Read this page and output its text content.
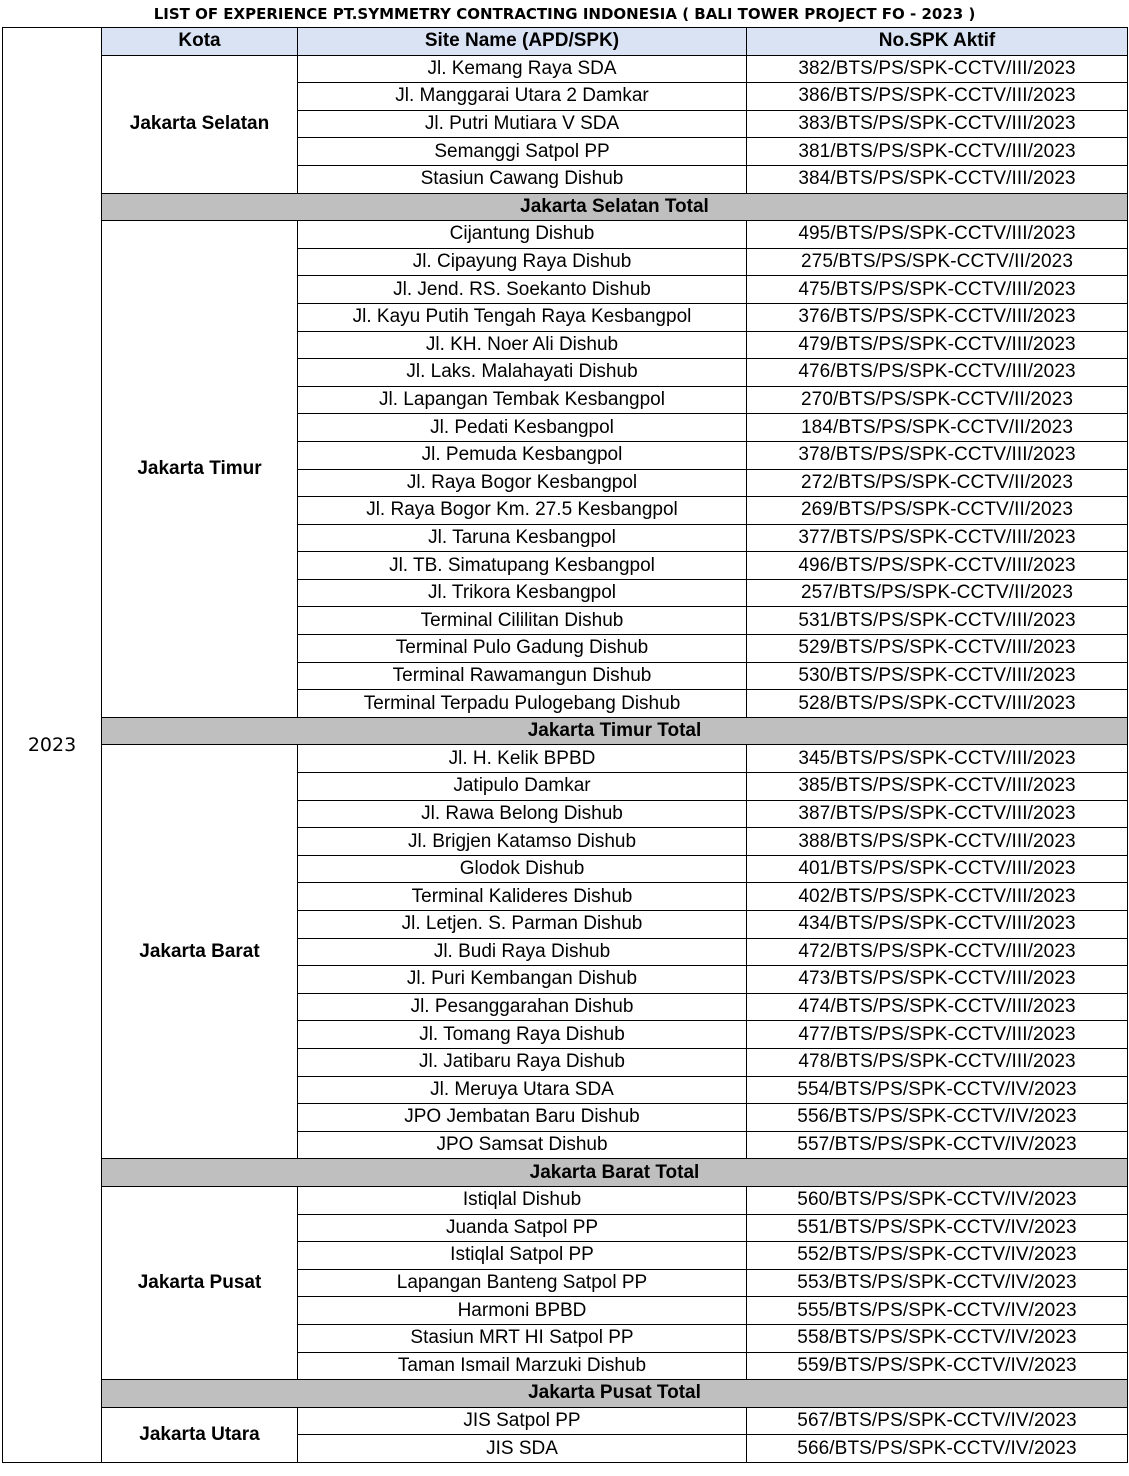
LIST OF EXPERIENCE PT.SYMMETRY CONTRACTING INDONESIA ( BALI TOWER PROJECT FO - 2023 )
2023	Kota	Site Name (APD/SPK)	No.SPK Aktif
	Jakarta Selatan	Jl. Kemang Raya SDA	382/BTS/PS/SPK-CCTV/III/2023
		Jl. Manggarai Utara 2 Damkar	386/BTS/PS/SPK-CCTV/III/2023
		Jl. Putri Mutiara V SDA	383/BTS/PS/SPK-CCTV/III/2023
		Semanggi Satpol PP	381/BTS/PS/SPK-CCTV/III/2023
		Stasiun Cawang Dishub	384/BTS/PS/SPK-CCTV/III/2023
	Jakarta Selatan Total		
	Jakarta Timur	Cijantung Dishub	495/BTS/PS/SPK-CCTV/III/2023
		Jl. Cipayung Raya Dishub	275/BTS/PS/SPK-CCTV/II/2023
		Jl. Jend. RS. Soekanto Dishub	475/BTS/PS/SPK-CCTV/III/2023
		Jl. Kayu Putih Tengah Raya Kesbangpol	376/BTS/PS/SPK-CCTV/III/2023
		Jl. KH. Noer Ali Dishub	479/BTS/PS/SPK-CCTV/III/2023
		Jl. Laks. Malahayati Dishub	476/BTS/PS/SPK-CCTV/III/2023
		Jl. Lapangan Tembak Kesbangpol	270/BTS/PS/SPK-CCTV/II/2023
		Jl. Pedati Kesbangpol	184/BTS/PS/SPK-CCTV/II/2023
		Jl. Pemuda Kesbangpol	378/BTS/PS/SPK-CCTV/III/2023
		Jl. Raya Bogor Kesbangpol	272/BTS/PS/SPK-CCTV/II/2023
		Jl. Raya Bogor Km. 27.5 Kesbangpol	269/BTS/PS/SPK-CCTV/II/2023
		Jl. Taruna Kesbangpol	377/BTS/PS/SPK-CCTV/III/2023
		Jl. TB. Simatupang Kesbangpol	496/BTS/PS/SPK-CCTV/III/2023
		Jl. Trikora Kesbangpol	257/BTS/PS/SPK-CCTV/II/2023
		Terminal Cililitan Dishub	531/BTS/PS/SPK-CCTV/III/2023
		Terminal Pulo Gadung Dishub	529/BTS/PS/SPK-CCTV/III/2023
		Terminal Rawamangun Dishub	530/BTS/PS/SPK-CCTV/III/2023
		Terminal Terpadu Pulogebang Dishub	528/BTS/PS/SPK-CCTV/III/2023
	Jakarta Timur Total		
	Jakarta Barat	Jl. H. Kelik BPBD	345/BTS/PS/SPK-CCTV/III/2023
		Jatipulo Damkar	385/BTS/PS/SPK-CCTV/III/2023
		Jl. Rawa Belong Dishub	387/BTS/PS/SPK-CCTV/III/2023
		Jl. Brigjen Katamso Dishub	388/BTS/PS/SPK-CCTV/III/2023
		Glodok Dishub	401/BTS/PS/SPK-CCTV/III/2023
		Terminal Kalideres Dishub	402/BTS/PS/SPK-CCTV/III/2023
		Jl. Letjen. S. Parman Dishub	434/BTS/PS/SPK-CCTV/III/2023
		Jl. Budi Raya Dishub	472/BTS/PS/SPK-CCTV/III/2023
		Jl. Puri Kembangan Dishub	473/BTS/PS/SPK-CCTV/III/2023
		Jl. Pesanggarahan Dishub	474/BTS/PS/SPK-CCTV/III/2023
		Jl. Tomang Raya Dishub	477/BTS/PS/SPK-CCTV/III/2023
		Jl. Jatibaru Raya Dishub	478/BTS/PS/SPK-CCTV/III/2023
		Jl. Meruya Utara SDA	554/BTS/PS/SPK-CCTV/IV/2023
		JPO Jembatan Baru Dishub	556/BTS/PS/SPK-CCTV/IV/2023
		JPO Samsat Dishub	557/BTS/PS/SPK-CCTV/IV/2023
	Jakarta Barat Total		
	Jakarta Pusat	Istiqlal Dishub	560/BTS/PS/SPK-CCTV/IV/2023
		Juanda Satpol PP	551/BTS/PS/SPK-CCTV/IV/2023
		Istiqlal Satpol PP	552/BTS/PS/SPK-CCTV/IV/2023
		Lapangan Banteng Satpol PP	553/BTS/PS/SPK-CCTV/IV/2023
		Harmoni BPBD	555/BTS/PS/SPK-CCTV/IV/2023
		Stasiun MRT HI Satpol PP	558/BTS/PS/SPK-CCTV/IV/2023
		Taman Ismail Marzuki Dishub	559/BTS/PS/SPK-CCTV/IV/2023
	Jakarta Pusat Total		
	Jakarta Utara	JIS Satpol PP	567/BTS/PS/SPK-CCTV/IV/2023
		JIS SDA	566/BTS/PS/SPK-CCTV/IV/2023
